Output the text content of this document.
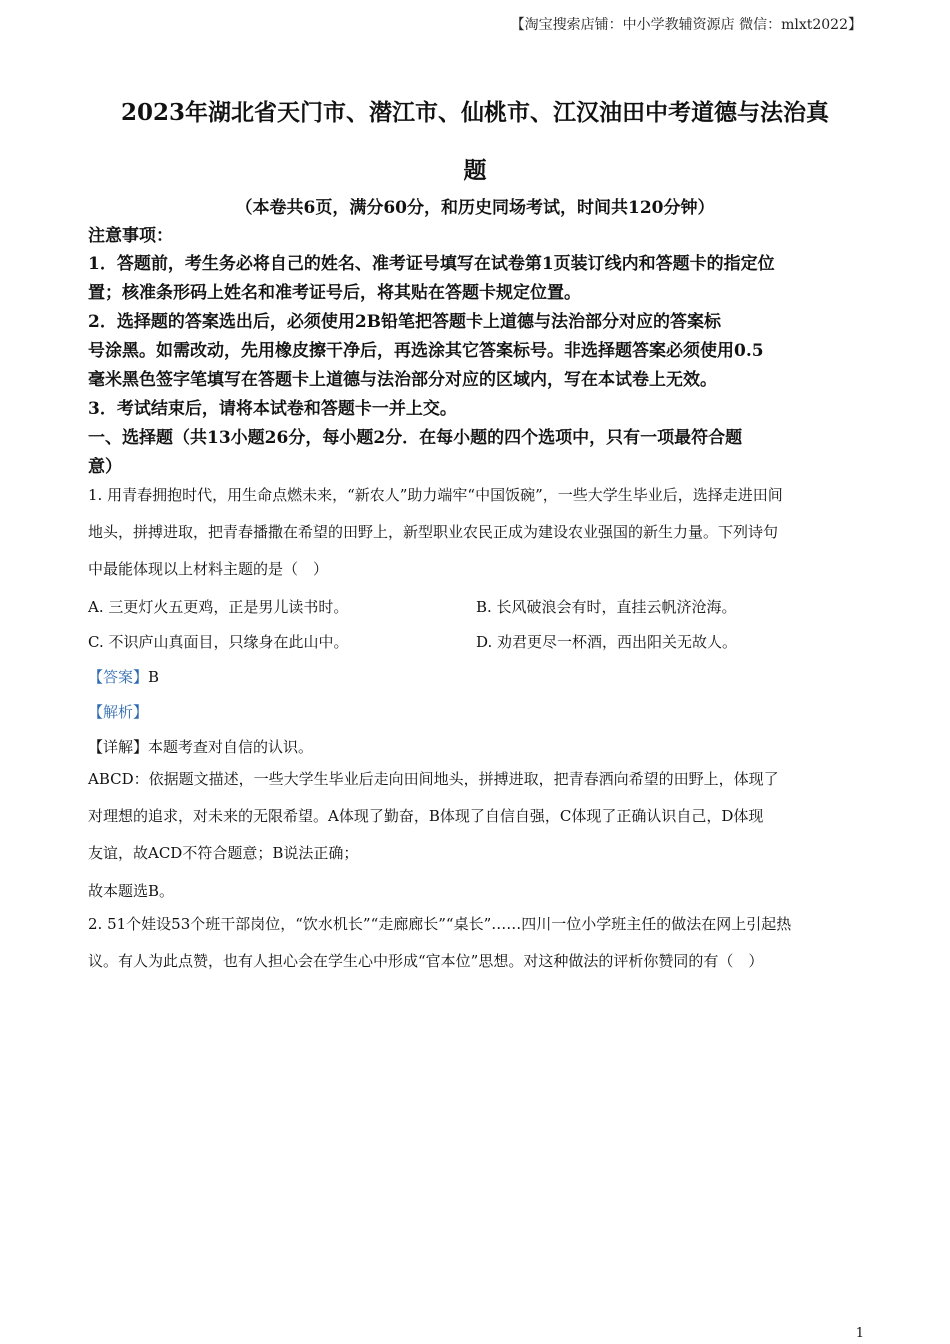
【淘宝搜索店铺：中小学教辅资源店 微信：mlxt2022】
2023年湖北省天门市、潜江市、仙桃市、江汉油田中考道德与法治真
题
（本卷共6页，满分60分，和历史同场考试，时间共120分钟）
注意事项：
1．答题前，考生务必将自己的姓名、准考证号填写在试卷第1页装订线内和答题卡的指定位
置；核准条形码上姓名和准考证号后，将其贴在答题卡规定位置。
2．选择题的答案选出后，必须使用2B铅笔把答题卡上道德与法治部分对应的答案标
号涂黑。如需改动，先用橡皮擦干净后，再选涂其它答案标号。非选择题答案必须使用0.5
毫米黑色签字笔填写在答题卡上道德与法治部分对应的区域内，写在本试卷上无效。
3．考试结束后，请将本试卷和答题卡一并上交。
一、选择题（共13小题26分，每小题2分．在每小题的四个选项中，只有一项最符合题
意）
1. 用青春拥抱时代，用生命点燃未来，“新农人”助力端牢“中国饭碗”，一些大学生毕业后，选择走进田间
地头，拼搏进取，把青春播撒在希望的田野上，新型职业农民正成为建设农业强国的新生力量。下列诗句
中最能体现以上材料主题的是（　）
A. 三更灯火五更鸡，正是男儿读书时。	B. 长风破浪会有时，直挂云帆济沧海。
C. 不识庐山真面目，只缘身在此山中。	D. 劝君更尽一杯酒，西出阳关无故人。
【答案】B
【解析】
【详解】本题考查对自信的认识。
ABCD：依据题文描述，一些大学生毕业后走向田间地头，拼搏进取，把青春洒向希望的田野上，体现了
对理想的追求，对未来的无限希望。A体现了勤奋，B体现了自信自强，C体现了正确认识自己，D体现
友谊，故ACD不符合题意；B说法正确；
故本题选B。
2. 51个娃设53个班干部岗位，“饮水机长”“走廊廊长”“桌长”……四川一位小学班主任的做法在网上引起热
议。有人为此点赞，也有人担心会在学生心中形成“官本位”思想。对这种做法的评析你赞同的有（　）
1
